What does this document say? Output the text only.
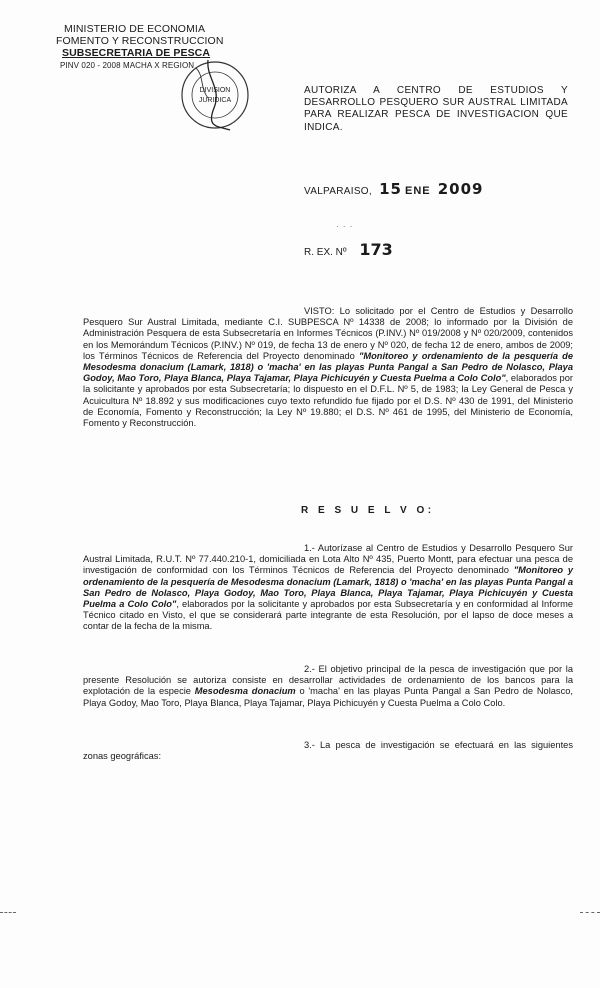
MINISTERIO DE ECONOMIA
FOMENTO Y RECONSTRUCCION
SUBSECRETARIA DE PESCA
PINV 020 - 2008 MACHA X REGION
DIVISION
JURIDICA
AUTORIZA A CENTRO DE ESTUDIOS Y DESARROLLO PESQUERO SUR AUSTRAL LIMITADA PARA REALIZAR PESCA DE INVESTIGACION QUE INDICA.
VALPARAISO, 15 ENE 2009
· · ·
R. EX. Nº 173
VISTO: Lo solicitado por el Centro de Estudios y Desarrollo Pesquero Sur Austral Limitada, mediante C.I. SUBPESCA Nº 14338 de 2008; lo informado por la División de Administración Pesquera de esta Subsecretaría en Informes Técnicos (P.INV.) Nº 019/2008 y Nº 020/2009, contenidos en los Memorándum Técnicos (P.INV.) Nº 019, de fecha 13 de enero y Nº 020, de fecha 12 de enero, ambos de 2009; los Términos Técnicos de Referencia del Proyecto denominado "Monitoreo y ordenamiento de la pesquería de Mesodesma donacium (Lamark, 1818) o 'macha' en las playas Punta Pangal a San Pedro de Nolasco, Playa Godoy, Mao Toro, Playa Blanca, Playa Tajamar, Playa Pichicuyén y Cuesta Puelma a Colo Colo", elaborados por la solicitante y aprobados por esta Subsecretaría; lo dispuesto en el D.F.L. Nº 5, de 1983; la Ley General de Pesca y Acuicultura Nº 18.892 y sus modificaciones cuyo texto refundido fue fijado por el D.S. Nº 430 de 1991, del Ministerio de Economía, Fomento y Reconstrucción; la Ley Nº 19.880; el D.S. Nº 461 de 1995, del Ministerio de Economía, Fomento y Reconstrucción.
R E S U E L V O:
1.- Autorízase al Centro de Estudios y Desarrollo Pesquero Sur Austral Limitada, R.U.T. Nº 77.440.210-1, domiciliada en Lota Alto Nº 435, Puerto Montt, para efectuar una pesca de investigación de conformidad con los Términos Técnicos de Referencia del Proyecto denominado "Monitoreo y ordenamiento de la pesquería de Mesodesma donacium (Lamark, 1818) o 'macha' en las playas Punta Pangal a San Pedro de Nolasco, Playa Godoy, Mao Toro, Playa Blanca, Playa Tajamar, Playa Pichicuyén y Cuesta Puelma a Colo Colo", elaborados por la solicitante y aprobados por esta Subsecretaría y en conformidad al Informe Técnico citado en Visto, el que se considerará parte integrante de esta Resolución, por el lapso de doce meses a contar de la fecha de la misma.
2.- El objetivo principal de la pesca de investigación que por la presente Resolución se autoriza consiste en desarrollar actividades de ordenamiento de los bancos para la explotación de la especie Mesodesma donacium o 'macha' en las playas Punta Pangal a San Pedro de Nolasco, Playa Godoy, Mao Toro, Playa Blanca, Playa Tajamar, Playa Pichicuyén y Cuesta Puelma a Colo Colo.
3.- La pesca de investigación se efectuará en las siguientes zonas geográficas:
